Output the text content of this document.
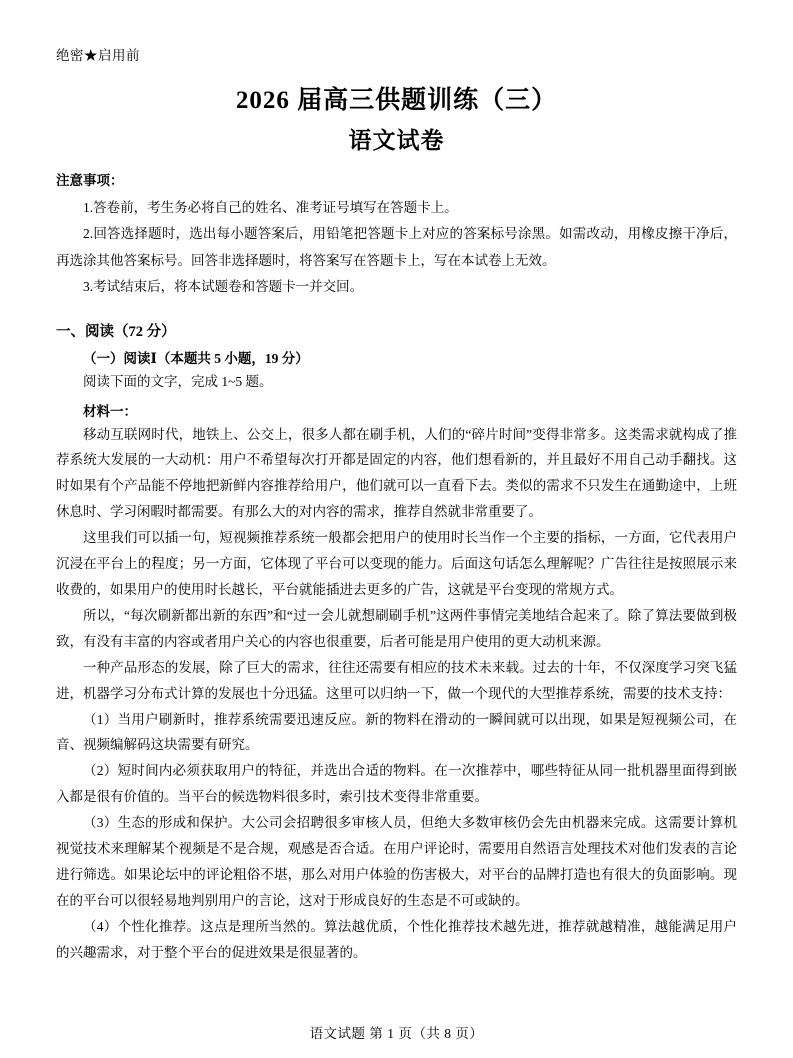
绝密★启用前
2026 届高三供题训练（三）
语文试卷
注意事项：

1.答卷前，考生务必将自己的姓名、准考证号填写在答题卡上。

2.回答选择题时，选出每小题答案后，用铅笔把答题卡上对应的答案标号涂黑。如需改动，用橡皮擦干净后，再选涂其他答案标号。回答非选择题时，将答案写在答题卡上，写在本试卷上无效。

3.考试结束后，将本试题卷和答题卡一并交回。

一、阅读（72 分）
（一）阅读Ⅰ（本题共 5 小题，19 分）

阅读下面的文字，完成 1~5 题。

材料一：

移动互联网时代，地铁上、公交上，很多人都在刷手机，人们的“碎片时间”变得非常多。这类需求就构成了推荐系统大发展的一大动机：用户不希望每次打开都是固定的内容，他们想看新的，并且最好不用自己动手翻找。这时如果有个产品能不停地把新鲜内容推荐给用户，他们就可以一直看下去。类似的需求不只发生在通勤途中，上班休息时、学习闲暇时都需要。有那么大的对内容的需求，推荐自然就非常重要了。

这里我们可以插一句，短视频推荐系统一般都会把用户的使用时长当作一个主要的指标，一方面，它代表用户沉浸在平台上的程度；另一方面，它体现了平台可以变现的能力。后面这句话怎么理解呢？广告往往是按照展示来收费的，如果用户的使用时长越长，平台就能插进去更多的广告，这就是平台变现的常规方式。

所以，“每次刷新都出新的东西”和“过一会儿就想刷刷手机”这两件事情完美地结合起来了。除了算法要做到极致，有没有丰富的内容或者用户关心的内容也很重要，后者可能是用户使用的更大动机来源。

一种产品形态的发展，除了巨大的需求，往往还需要有相应的技术未来载。过去的十年，不仅深度学习突飞猛进，机器学习分布式计算的发展也十分迅猛。这里可以归纳一下，做一个现代的大型推荐系统，需要的技术支持：

（1）当用户刷新时，推荐系统需要迅速反应。新的物料在滑动的一瞬间就可以出现，如果是短视频公司，在音、视频编解码这块需要有研究。

（2）短时间内必须获取用户的特征，并选出合适的物料。在一次推荐中，哪些特征从同一批机器里面得到嵌入都是很有价值的。当平台的候选物料很多时，索引技术变得非常重要。

（3）生态的形成和保护。大公司会招聘很多审核人员，但绝大多数审核仍会先由机器来完成。这需要计算机视觉技术来理解某个视频是不是合规，观感是否合适。在用户评论时，需要用自然语言处理技术对他们发表的言论进行筛选。如果论坛中的评论粗俗不堪，那么对用户体验的伤害极大，对平台的品牌打造也有很大的负面影响。现在的平台可以很轻易地判别用户的言论，这对于形成良好的生态是不可或缺的。

（4）个性化推荐。这点是理所当然的。算法越优质，个性化推荐技术越先进，推荐就越精准，越能满足用户的兴趣需求，对于整个平台的促进效果是很显著的。

语文试题 第 1 页（共 8 页）
